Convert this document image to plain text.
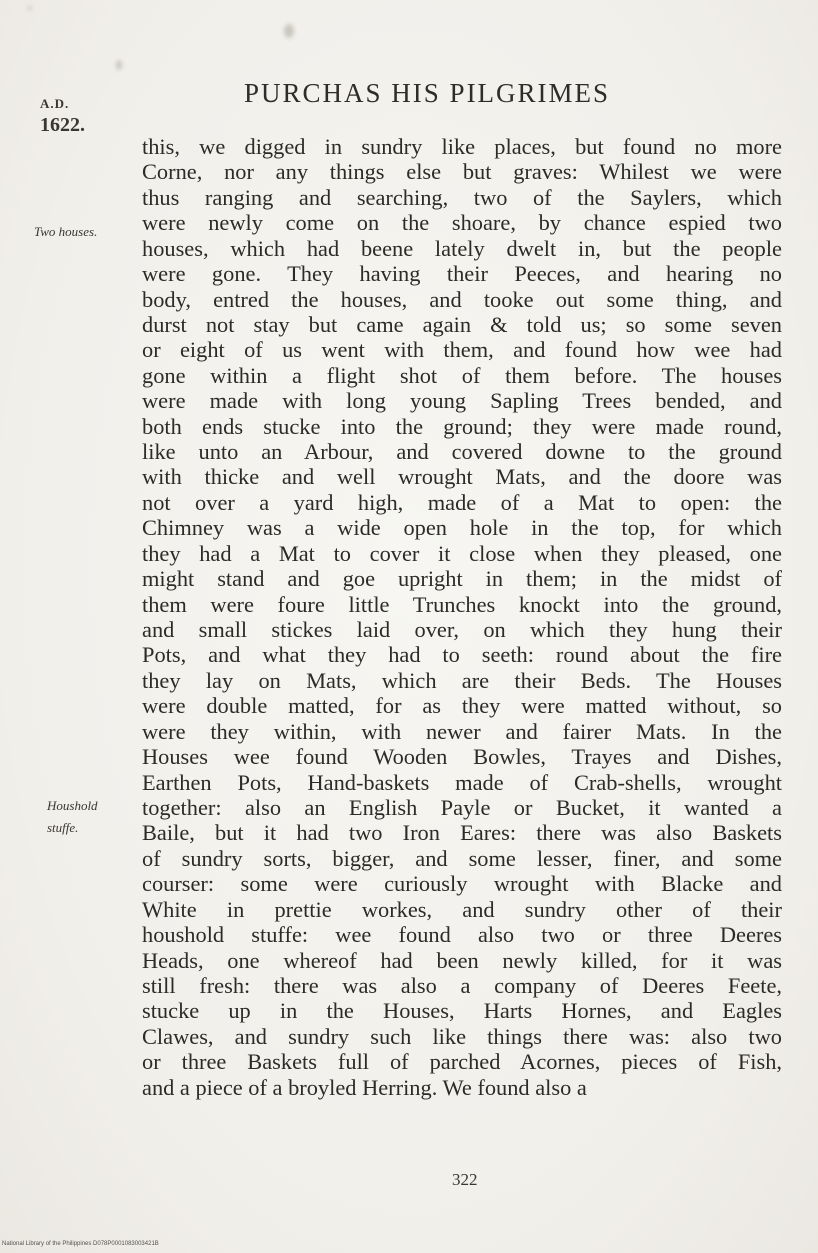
A.D.
1622.
PURCHAS HIS PILGRIMES
Two houses.
Houshold stuffe.
this, we digged in sundry like places, but found no more
Corne, nor any things else but graves: Whilest we were
thus ranging and searching, two of the Saylers, which
were newly come on the shoare, by chance espied two
houses, which had beene lately dwelt in, but the people
were gone. They having their Peeces, and hearing no
body, entred the houses, and tooke out some thing, and
durst not stay but came again & told us; so some seven
or eight of us went with them, and found how wee had
gone within a flight shot of them before. The houses
were made with long young Sapling Trees bended, and
both ends stucke into the ground; they were made round,
like unto an Arbour, and covered downe to the ground
with thicke and well wrought Mats, and the doore was
not over a yard high, made of a Mat to open: the
Chimney was a wide open hole in the top, for which
they had a Mat to cover it close when they pleased, one
might stand and goe upright in them; in the midst of
them were foure little Trunches knockt into the ground,
and small stickes laid over, on which they hung their
Pots, and what they had to seeth: round about the fire
they lay on Mats, which are their Beds. The Houses
were double matted, for as they were matted without, so
were they within, with newer and fairer Mats. In the
Houses wee found Wooden Bowles, Trayes and Dishes,
Earthen Pots, Hand-baskets made of Crab-shells, wrought
together: also an English Payle or Bucket, it wanted a
Baile, but it had two Iron Eares: there was also Baskets
of sundry sorts, bigger, and some lesser, finer, and some
courser: some were curiously wrought with Blacke and
White in prettie workes, and sundry other of their
houshold stuffe: wee found also two or three Deeres
Heads, one whereof had been newly killed, for it was
still fresh: there was also a company of Deeres Feete,
stucke up in the Houses, Harts Hornes, and Eagles
Clawes, and sundry such like things there was: also two
or three Baskets full of parched Acornes, pieces of Fish,
and a piece of a broyled Herring. We found also a
322
National Library of the Philippines D078P0001083003421B
